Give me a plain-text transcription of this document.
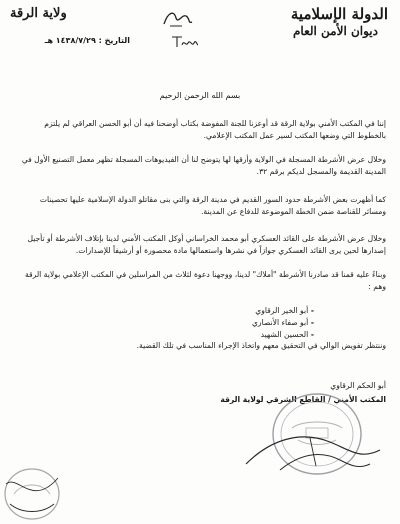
الدولة الإسلامية
ديوان الأمن العام
ولاية الرقة
التاريخ : ١٤٣٨/٧/٢٩ هـ
بسم الله الرحمن الرحيم

إننا في المكتب الأمني بولاية الرقة قد أوعزنا للجنة المفوضة بكتاب أوضحنا فيه أن أبو الحسن العراقي لم يلتزم بالخطوط التي وضعها المكتب لسير عمل المكتب الإعلامي.

وخلال عرض الأشرطة المسجلة في الولاية وأرقها لها يتوضح لنا أن الفيديوهات المسجلة تظهر معمل التصنيع الأول في المدينة القديمة والمسجل لديكم برقم ٣٢.

كما أظهرت بعض الأشرطة حدود السور القديم في مدينة الرقة والتي بنى مقاتلو الدولة الإسلامية عليها تحصينات ومسائر للقناصة ضمن الخطة الموضوعة للدفاع عن المدينة.

وخلال عرض الأشرطة على القائد العسكري أبو محمد الخراساني أوكل المكتب الأمني لدينا بإتلاف الأشرطة أو تأجيل إصدارها لحين يرى القائد العسكري جوازاً في نشرها واستعمالها مادة محصورة أو أرشيفاً للإصدارات.

وبناءً عليه قمنا قد صادرنا الأشرطة "أملاك" لدينا، ووجهنا دعوة لثلاث من المراسلين في المكتب الإعلامي بولاية الرقة وهم :

- أبو الخير الرقاوي

- أبو صفاء الأنصاري

- الحسين الشهيد

وننتظر تفويض الوالي في التحقيق معهم واتخاذ الإجراء المناسب في تلك القضية.

أبو الحكم الرقاوي
المكتب الأمني / القاطع الشرقي لولاية الرقة
